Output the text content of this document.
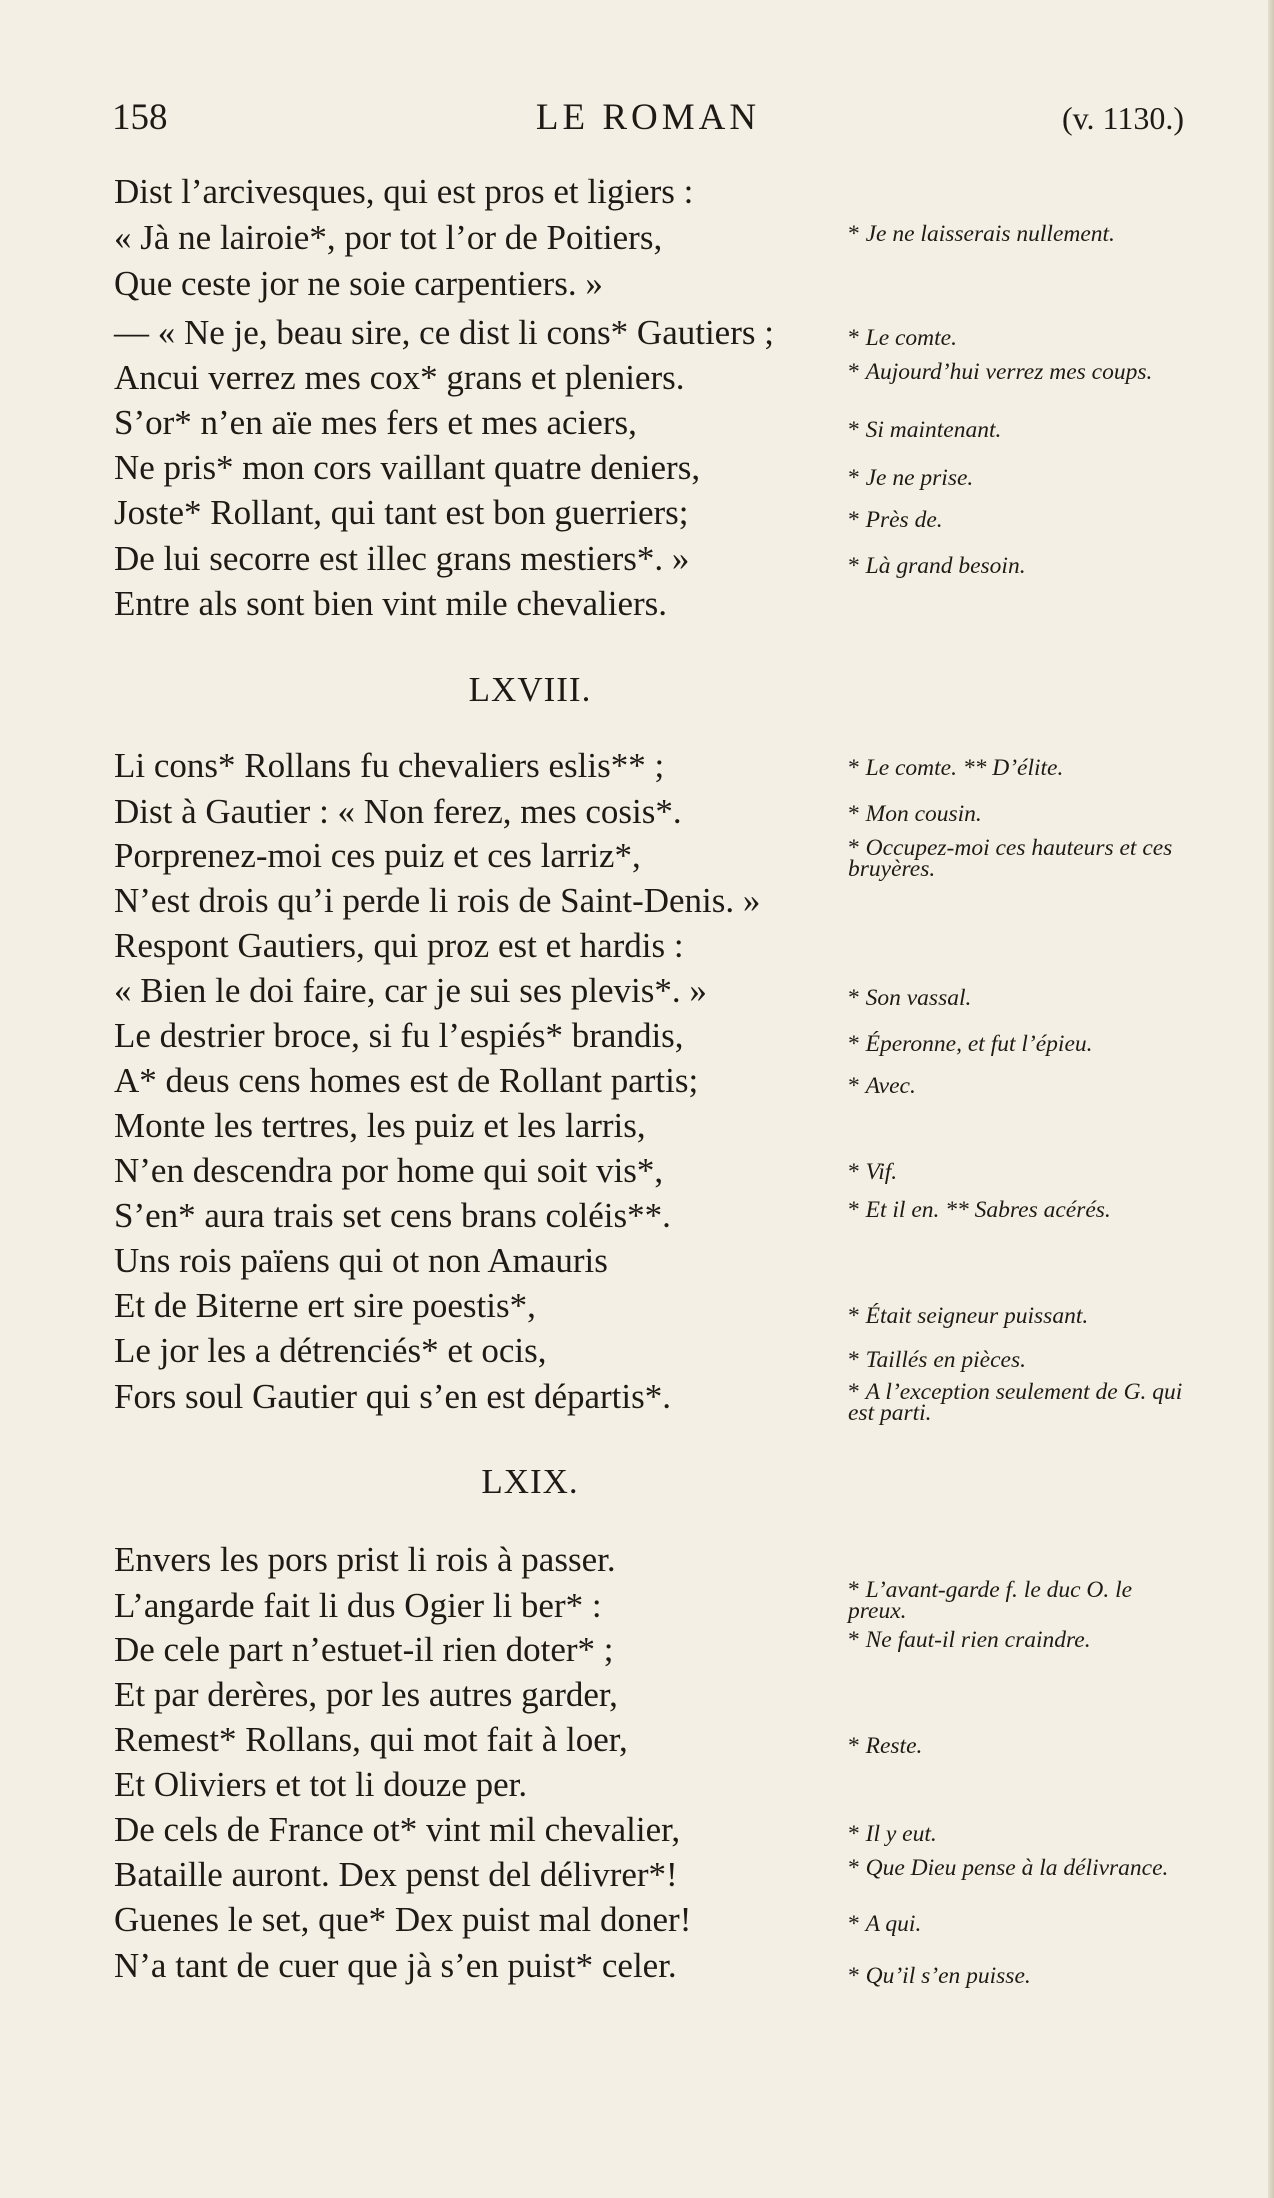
158	LE ROMAN	(v. 1130.)
Dist l’arcivesques, qui est pros et ligiers :
« Jà ne lairoie*, por tot l’or de Poitiers,
Que ceste jor ne soie carpentiers. »
— « Ne je, beau sire, ce dist li cons* Gautiers ;
Ancui verrez mes cox* grans et pleniers.
S’or* n’en aïe mes fers et mes aciers,
Ne pris* mon cors vaillant quatre deniers,
Joste* Rollant, qui tant est bon guerriers;
De lui secorre est illec grans mestiers*. »
Entre als sont bien vint mile chevaliers.
* Je ne laisserais nullement.
* Le comte.
* Aujourd’hui verrez mes coups.
* Si maintenant.
* Je ne prise.
* Près de.
* Là grand besoin.
LXVIII.
Li cons* Rollans fu chevaliers eslis** ;
Dist à Gautier : « Non ferez, mes cosis*.
Porprenez-moi ces puiz et ces larriz*,
N’est drois qu’i perde li rois de Saint-Denis. »
Respont Gautiers, qui proz est et hardis :
« Bien le doi faire, car je sui ses plevis*. »
Le destrier broce, si fu l’espiés* brandis,
A* deus cens homes est de Rollant partis;
Monte les tertres, les puiz et les larris,
N’en descendra por home qui soit vis*,
S’en* aura trais set cens brans coléis**.
Uns rois païens qui ot non Amauris
Et de Biterne ert sire poestis*,
Le jor les a détrenciés* et ocis,
Fors soul Gautier qui s’en est départis*.
* Le comte. ** D’élite.
* Mon cousin.
* Occupez-moi ces hauteurs et ces bruyères.
* Son vassal.
* Éperonne, et fut l’épieu.
* Avec.
* Vif.
* Et il en. ** Sabres acérés.
* Était seigneur puissant.
* Taillés en pièces.
* A l’exception seulement de G. qui est parti.
LXIX.
Envers les pors prist li rois à passer.
L’angarde fait li dus Ogier li ber* :
De cele part n’estuet-il rien doter* ;
Et par derères, por les autres garder,
Remest* Rollans, qui mot fait à loer,
Et Oliviers et tot li douze per.
De cels de France ot* vint mil chevalier,
Bataille auront. Dex penst del délivrer*!
Guenes le set, que* Dex puist mal doner!
N’a tant de cuer que jà s’en puist* celer.
* L’avant-garde f. le duc O. le preux.
* Ne faut-il rien craindre.
* Reste.
* Il y eut.
* Que Dieu pense à la délivrance.
* A qui.
* Qu’il s’en puisse.
